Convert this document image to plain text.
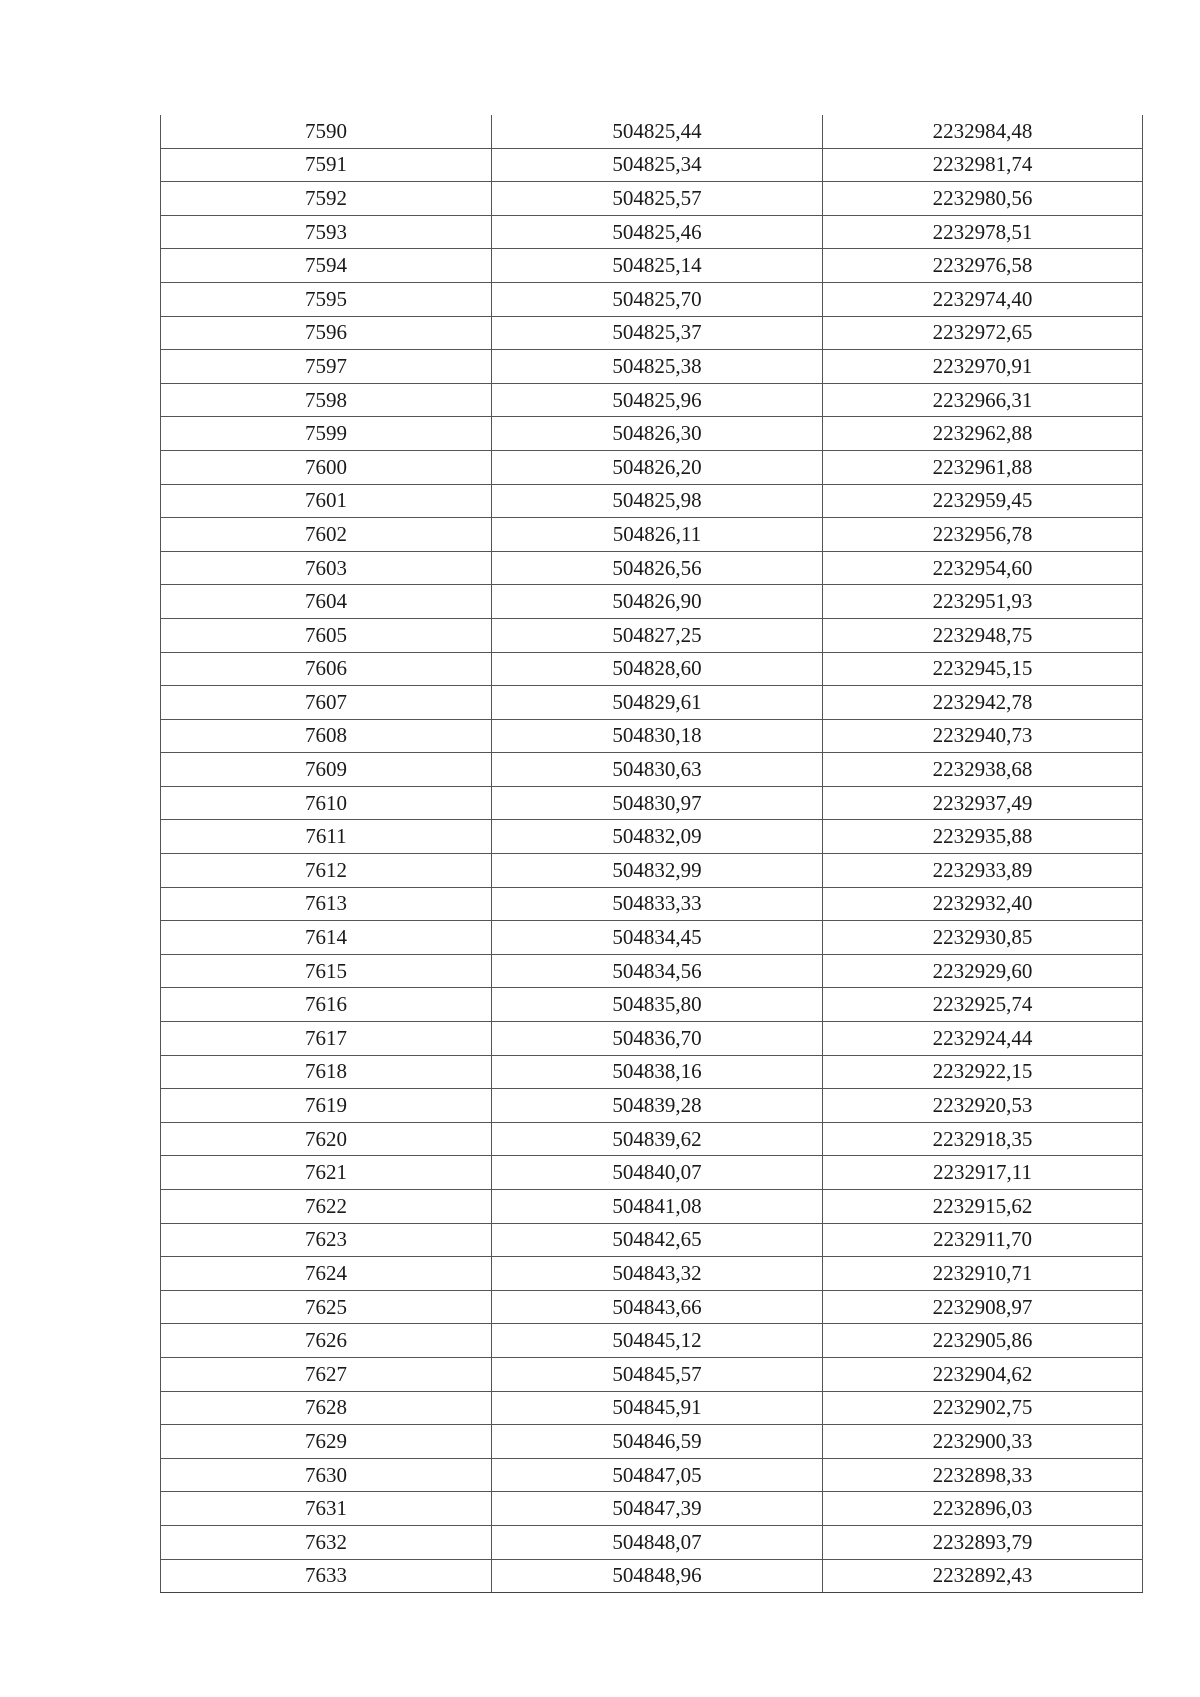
7590	504825,44	2232984,48
7591	504825,34	2232981,74
7592	504825,57	2232980,56
7593	504825,46	2232978,51
7594	504825,14	2232976,58
7595	504825,70	2232974,40
7596	504825,37	2232972,65
7597	504825,38	2232970,91
7598	504825,96	2232966,31
7599	504826,30	2232962,88
7600	504826,20	2232961,88
7601	504825,98	2232959,45
7602	504826,11	2232956,78
7603	504826,56	2232954,60
7604	504826,90	2232951,93
7605	504827,25	2232948,75
7606	504828,60	2232945,15
7607	504829,61	2232942,78
7608	504830,18	2232940,73
7609	504830,63	2232938,68
7610	504830,97	2232937,49
7611	504832,09	2232935,88
7612	504832,99	2232933,89
7613	504833,33	2232932,40
7614	504834,45	2232930,85
7615	504834,56	2232929,60
7616	504835,80	2232925,74
7617	504836,70	2232924,44
7618	504838,16	2232922,15
7619	504839,28	2232920,53
7620	504839,62	2232918,35
7621	504840,07	2232917,11
7622	504841,08	2232915,62
7623	504842,65	2232911,70
7624	504843,32	2232910,71
7625	504843,66	2232908,97
7626	504845,12	2232905,86
7627	504845,57	2232904,62
7628	504845,91	2232902,75
7629	504846,59	2232900,33
7630	504847,05	2232898,33
7631	504847,39	2232896,03
7632	504848,07	2232893,79
7633	504848,96	2232892,43
